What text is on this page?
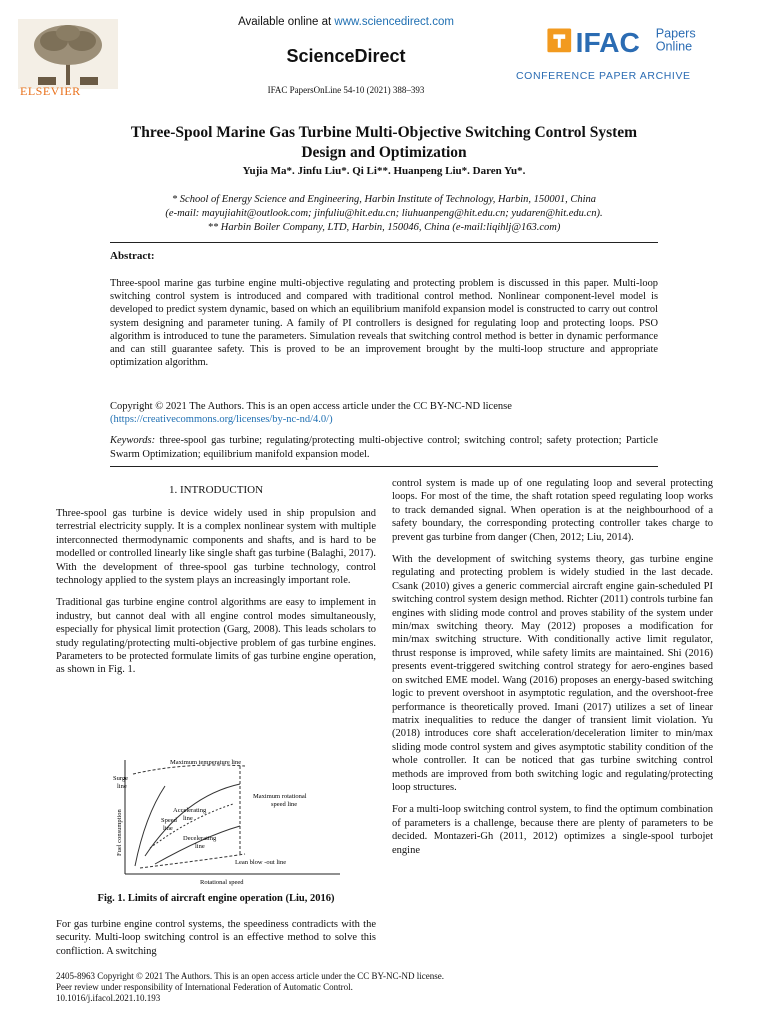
ELSEVIER
Available online at www.sciencedirect.com
ScienceDirect
IFAC PapersOnLine 54-10 (2021) 388–393
IFAC Papers
Online
CONFERENCE PAPER ARCHIVE
Three-Spool Marine Gas Turbine Multi-Objective Switching Control System
Design and Optimization
Yujia Ma*. Jinfu Liu*. Qi Li**. Huanpeng Liu*. Daren Yu*.
* School of Energy Science and Engineering, Harbin Institute of Technology, Harbin, 150001, China
(e-mail: mayujiahit@outlook.com; jinfuliu@hit.edu.cn; liuhuanpeng@hit.edu.cn; yudaren@hit.edu.cn).
** Harbin Boiler Company, LTD, Harbin, 150046, China (e-mail:liqihlj@163.com)
Abstract:
Three-spool marine gas turbine engine multi-objective regulating and protecting problem is discussed in this paper. Multi-loop switching control system is introduced and compared with traditional control method. Nonlinear component-level model is developed to predict system dynamic, based on which an equilibrium manifold expansion model is constructed to carry out control system designing and parameter tuning. A family of PI controllers is designed for regulating loop and protecting loops. PSO algorithm is introduced to tune the parameters. Simulation reveals that switching control method is better in dynamic performance and can still guarantee safety. This is proved to be an improvement brought by the multi-loop structure and appropriate optimization algorithm.
Copyright © 2021 The Authors. This is an open access article under the CC BY-NC-ND license
(https://creativecommons.org/licenses/by-nc-nd/4.0/)
Keywords: three-spool gas turbine; regulating/protecting multi-objective control; switching control; safety protection; Particle Swarm Optimization; equilibrium manifold expansion model.
1. INTRODUCTION

Three-spool gas turbine is device widely used in ship propulsion and terrestrial electricity supply. It is a complex nonlinear system with multiple interconnected thermodynamic components and shafts, and is hard to be modelled or controlled linearly like single shaft gas turbine (Balaghi, 2017). With the development of three-spool gas turbine technology, control technology applied to the system plays an increasingly important role.

Traditional gas turbine engine control algorithms are easy to implement in industry, but cannot deal with all engine control modes simultaneously, especially for physical limit protection (Garg, 2008). This leads scholars to study regulating/protecting multi-objective problem of gas turbine engines. Parameters to be protected formulate limits of gas turbine engine operation, as shown in Fig. 1.

Maximum temperature line
Surge
line
Accelerating
line
Speed
line
Decelerating
line
Maximum rotational
speed line
Lean blow -out line
Fuel consumption
Rotational speed
Fig. 1. Limits of aircraft engine operation (Liu, 2016)
For gas turbine engine control systems, the speediness contradicts with the security. Multi-loop switching control is an effective method to solve this confliction. A switching

control system is made up of one regulating loop and several protecting loops. For most of the time, the shaft rotation speed regulating loop works to track demanded signal. When operation is at the neighbourhood of a safety boundary, the corresponding protecting controller takes charge to prevent gas turbine from danger (Chen, 2012; Liu, 2014).

With the development of switching systems theory, gas turbine engine regulating and protecting problem is widely studied in the last decade. Csank (2010) gives a generic commercial aircraft engine gain-scheduled PI switching control system design method. Richter (2011) controls turbine fan engines with sliding mode control and proves stability of the system under min/max switching theory. May (2012) proposes a modification for min/max switching structure. With conditionally active limit regulator, thrust response is improved, while safety limits are maintained. Shi (2016) presents event-triggered switching control strategy for aero-engines based on switched EME model. Wang (2016) proposes an energy-based switching logic to prevent overshoot in asymptotic regulation, and the overshoot-free performance is theoretically proved. Imani (2017) utilizes a set of linear matrix inequalities to reduce the danger of transient limit violation. Yu (2018) introduces core shaft acceleration/deceleration limiter to min/max sliding mode control system and gives asymptotic stability condition of the whole controller. It can be noticed that gas turbine switching control methods are improved from both switching logic and regulating/protecting loop structures.

For a multi-loop switching control system, to find the optimum combination of parameters is a challenge, because there are plenty of parameters to be decided. Montazeri-Gh (2011, 2012) optimizes a single-spool turbojet engine

2405-8963 Copyright © 2021 The Authors. This is an open access article under the CC BY-NC-ND license.
Peer review under responsibility of International Federation of Automatic Control.
10.1016/j.ifacol.2021.10.193
